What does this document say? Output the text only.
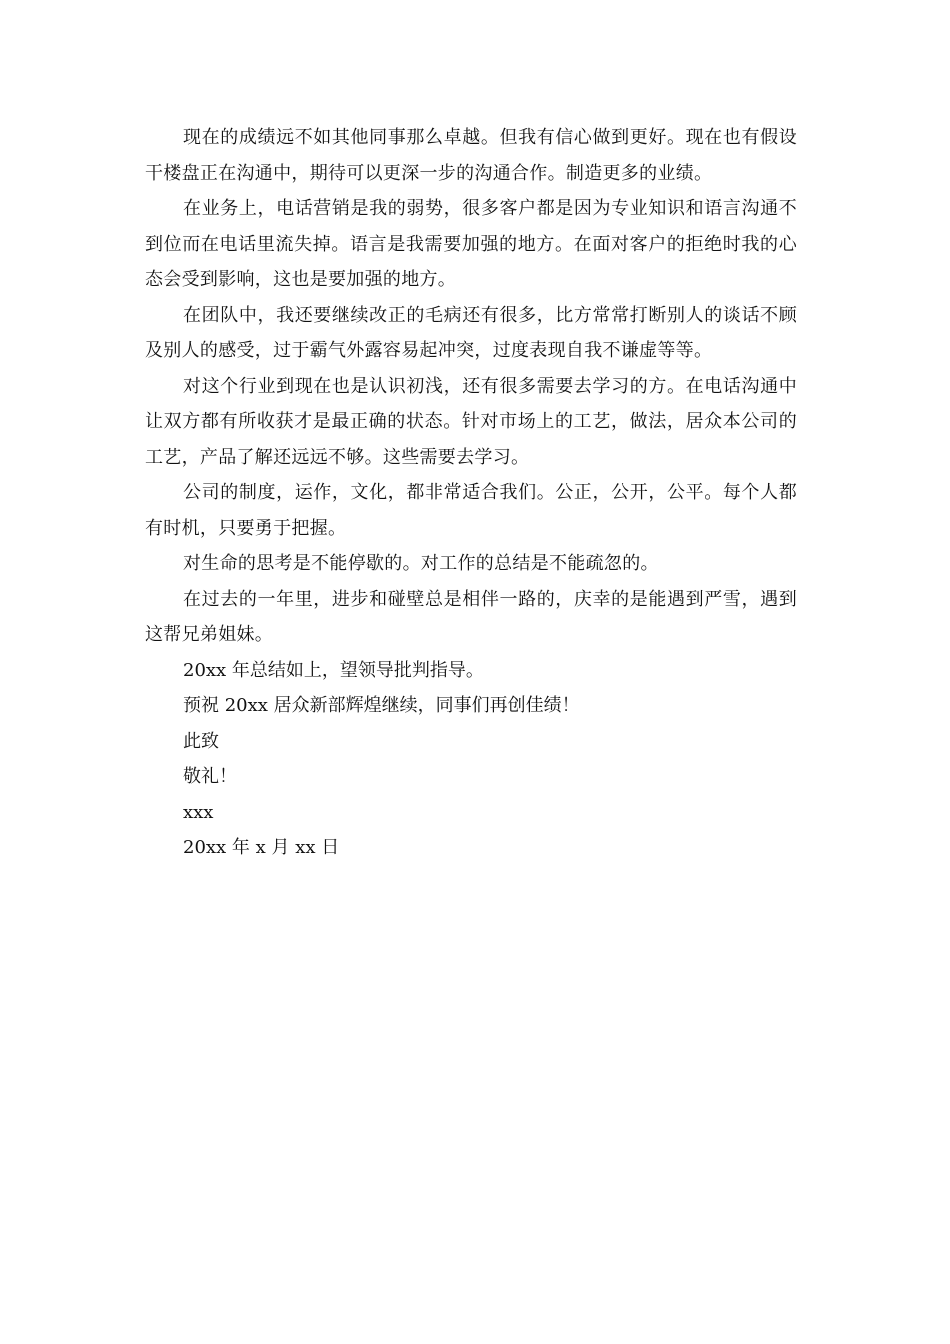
现在的成绩远不如其他同事那么卓越。但我有信心做到更好。现在也有假设干楼盘正在沟通中，期待可以更深一步的沟通合作。制造更多的业绩。

在业务上，电话营销是我的弱势，很多客户都是因为专业知识和语言沟通不到位而在电话里流失掉。语言是我需要加强的地方。在面对客户的拒绝时我的心态会受到影响，这也是要加强的地方。

在团队中，我还要继续改正的毛病还有很多，比方常常打断别人的谈话不顾及别人的感受，过于霸气外露容易起冲突，过度表现自我不谦虚等等。

对这个行业到现在也是认识初浅，还有很多需要去学习的方。在电话沟通中让双方都有所收获才是最正确的状态。针对市场上的工艺，做法，居众本公司的工艺，产品了解还远远不够。这些需要去学习。

公司的制度，运作，文化，都非常适合我们。公正，公开，公平。每个人都有时机，只要勇于把握。

对生命的思考是不能停歇的。对工作的总结是不能疏忽的。

在过去的一年里，进步和碰壁总是相伴一路的，庆幸的是能遇到严雪，遇到这帮兄弟姐妹。

20xx 年总结如上，望领导批判指导。

预祝 20xx 居众新部辉煌继续，同事们再创佳绩！

此致

敬礼！

xxx

20xx 年 x 月 xx 日
